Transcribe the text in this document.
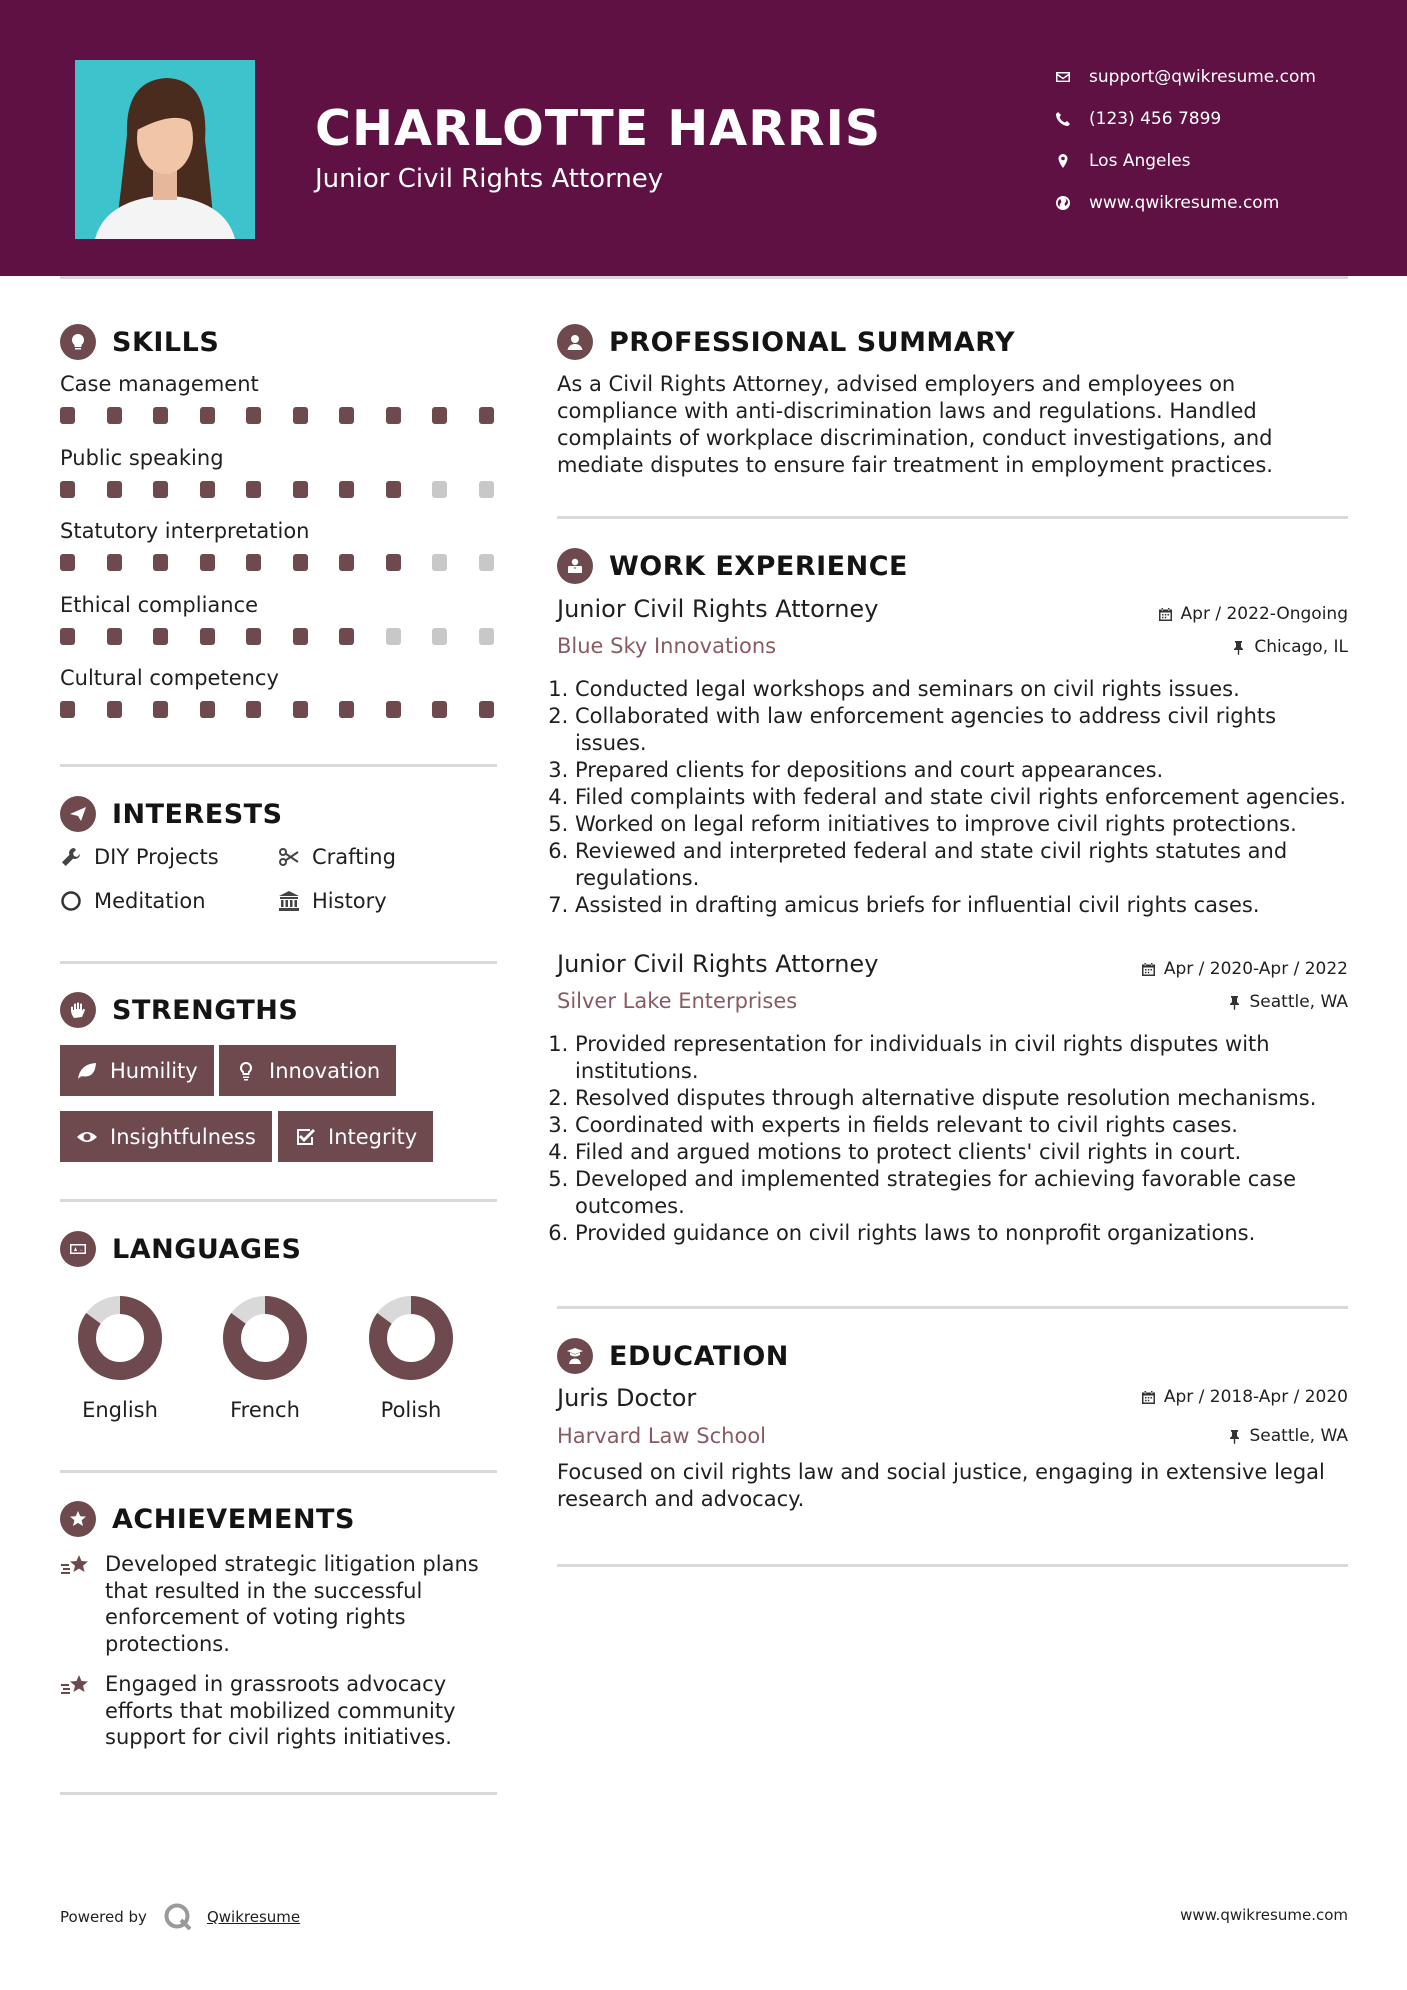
CHARLOTTE HARRIS
Junior Civil Rights Attorney
support@qwikresume.com
(123) 456 7899
Los Angeles
www.qwikresume.com
SKILLS
Case management
Public speaking
Statutory interpretation
Ethical compliance
Cultural competency
INTERESTS
DIY Projects	Crafting
Meditation	History
STRENGTHS
Humility	Innovation
Insightfulness	Integrity
LANGUAGES
English	French	Polish
ACHIEVEMENTS
Developed strategic litigation plans that resulted in the successful enforcement of voting rights protections.
Engaged in grassroots advocacy efforts that mobilized community support for civil rights initiatives.
PROFESSIONAL SUMMARY
As a Civil Rights Attorney, advised employers and employees on compliance with anti-discrimination laws and regulations. Handled complaints of workplace discrimination, conduct investigations, and mediate disputes to ensure fair treatment in employment practices.
WORK EXPERIENCE
Junior Civil Rights Attorney	Apr / 2022-Ongoing
Blue Sky Innovations	Chicago, IL
1. Conducted legal workshops and seminars on civil rights issues.
2. Collaborated with law enforcement agencies to address civil rights issues.
3. Prepared clients for depositions and court appearances.
4. Filed complaints with federal and state civil rights enforcement agencies.
5. Worked on legal reform initiatives to improve civil rights protections.
6. Reviewed and interpreted federal and state civil rights statutes and regulations.
7. Assisted in drafting amicus briefs for influential civil rights cases.
Junior Civil Rights Attorney	Apr / 2020-Apr / 2022
Silver Lake Enterprises	Seattle, WA
1. Provided representation for individuals in civil rights disputes with institutions.
2. Resolved disputes through alternative dispute resolution mechanisms.
3. Coordinated with experts in fields relevant to civil rights cases.
4. Filed and argued motions to protect clients' civil rights in court.
5. Developed and implemented strategies for achieving favorable case outcomes.
6. Provided guidance on civil rights laws to nonprofit organizations.
EDUCATION
Juris Doctor	Apr / 2018-Apr / 2020
Harvard Law School	Seattle, WA
Focused on civil rights law and social justice, engaging in extensive legal research and advocacy.
Powered by	Qwikresume	www.qwikresume.com
